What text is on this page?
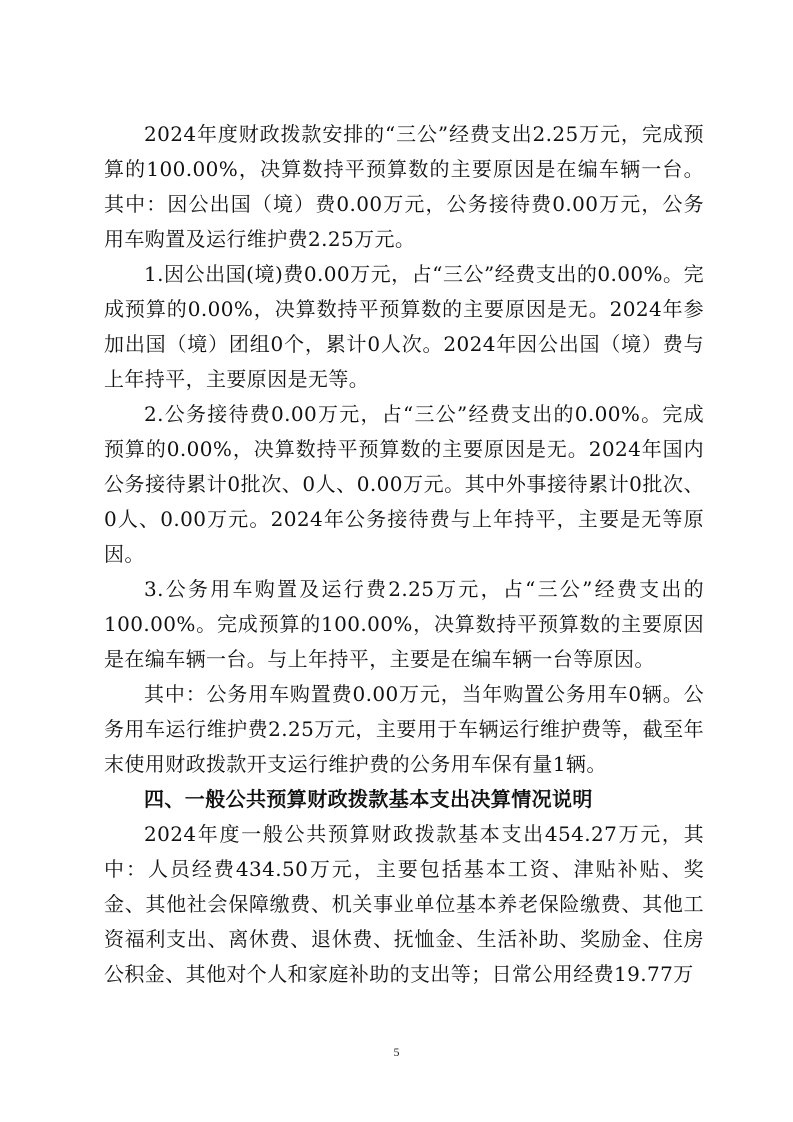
2024年度财政拨款安排的“三公”经费支出2.25万元，完成预算的100.00%，决算数持平预算数的主要原因是在编车辆一台。其中：因公出国（境）费0.00万元，公务接待费0.00万元，公务用车购置及运行维护费2.25万元。

1.因公出国(境)费0.00万元，占“三公”经费支出的0.00%。完成预算的0.00%，决算数持平预算数的主要原因是无。2024年参加出国（境）团组0个，累计0人次。2024年因公出国（境）费与上年持平，主要原因是无等。

2.公务接待费0.00万元，占“三公”经费支出的0.00%。完成预算的0.00%，决算数持平预算数的主要原因是无。2024年国内公务接待累计0批次、0人、0.00万元。其中外事接待累计0批次、0人、0.00万元。2024年公务接待费与上年持平，主要是无等原因。

3.公务用车购置及运行费2.25万元，占“三公”经费支出的100.00%。完成预算的100.00%，决算数持平预算数的主要原因是在编车辆一台。与上年持平，主要是在编车辆一台等原因。

其中：公务用车购置费0.00万元，当年购置公务用车0辆。公务用车运行维护费2.25万元，主要用于车辆运行维护费等，截至年末使用财政拨款开支运行维护费的公务用车保有量1辆。

四、一般公共预算财政拨款基本支出决算情况说明

2024年度一般公共预算财政拨款基本支出454.27万元，其中：人员经费434.50万元，主要包括基本工资、津贴补贴、奖金、其他社会保障缴费、机关事业单位基本养老保险缴费、其他工资福利支出、离休费、退休费、抚恤金、生活补助、奖励金、住房公积金、其他对个人和家庭补助的支出等；日常公用经费19.77万

5
